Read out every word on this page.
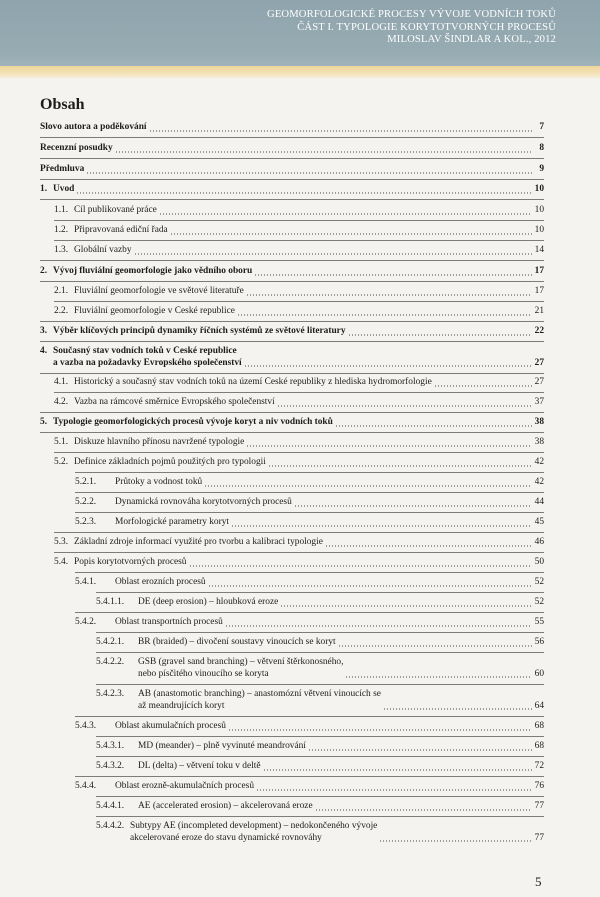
GEOMORFOLOGICKÉ PROCESY VÝVOJE VODNÍCH TOKŮ
ČÁST I. TYPOLOGIE KORYTOTVORNÝCH PROCESŮ
MILOSLAV ŠINDLAR A KOL., 2012
Obsah
Slovo autora a poděkování	7
Recenzní posudky	8
Předmluva	9
1. Úvod	10
1.1. Cíl publikované práce	10
1.2. Připravovaná ediční řada	10
1.3. Globální vazby	14
2. Vývoj fluviální geomorfologie jako vědního oboru	17
2.1. Fluviální geomorfologie ve světové literatuře	17
2.2. Fluviální geomorfologie v České republice	21
3. Výběr klíčových principů dynamiky říčních systémů ze světové literatury	22
4. Současný stav vodních toků v České republice
a vazba na požadavky Evropského společenství	27
4.1. Historický a současný stav vodních toků na území České republiky z hlediska hydromorfologie	27
4.2. Vazba na rámcové směrnice Evropského společenství	37
5. Typologie geomorfologických procesů vývoje koryt a niv vodních toků	38
5.1. Diskuze hlavního přínosu navržené typologie	38
5.2. Definice základních pojmů použitých pro typologii	42
5.2.1.	Průtoky a vodnost toků	42
5.2.2.	Dynamická rovnováha korytotvorných procesů	44
5.2.3.	Morfologické parametry koryt	45
5.3. Základní zdroje informací využité pro tvorbu a kalibraci typologie	46
5.4. Popis korytotvorných procesů	50
5.4.1.	Oblast erozních procesů	52
5.4.1.1.	DE (deep erosion) – hloubková eroze	52
5.4.2.	Oblast transportních procesů	55
5.4.2.1.	BR (braided) – divočení soustavy vinoucích se koryt	56
5.4.2.2.	GSB (gravel sand branching) – větvení štěrkonosného,
nebo písčitého vinoucího se koryta	60
5.4.2.3.	AB (anastomotic branching) – anastomózní větvení vinoucích se
až meandrujících koryt	64
5.4.3.	Oblast akumulačních procesů	68
5.4.3.1.	MD (meander) – plně vyvinuté meandrování	68
5.4.3.2.	DL (delta) – větvení toku v deltě	72
5.4.4.	Oblast erozně-akumulačních procesů	76
5.4.4.1.	AE (accelerated erosion) – akcelerovaná eroze	77
5.4.4.2. Subtypy AE (incompleted development) – nedokončeného vývoje
akcelerované eroze do stavu dynamické rovnováhy	77
5
